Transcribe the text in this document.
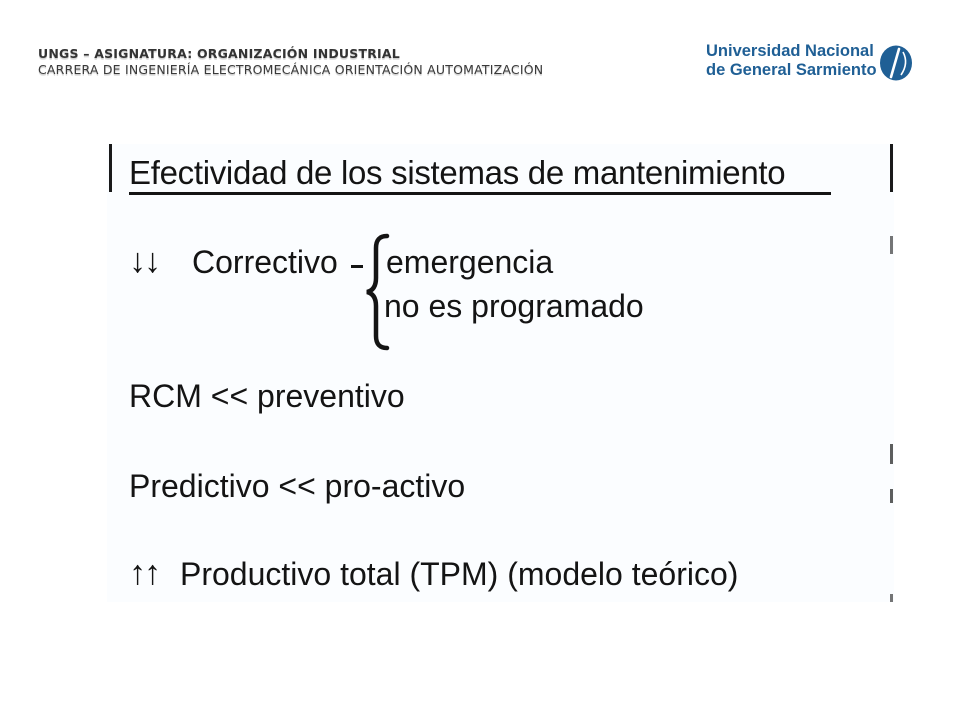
UNGS – ASIGNATURA: ORGANIZACIÓN INDUSTRIAL
CARRERA DE INGENIERÍA ELECTROMECÁNICA ORIENTACIÓN AUTOMATIZACIÓN
Universidad Nacional
de General Sarmiento
Efectividad de los sistemas de mantenimiento
↓↓ Correctivo emergencia
no es programado
RCM << preventivo
Predictivo << pro-activo
↑↑ Productivo total (TPM) (modelo teórico)
